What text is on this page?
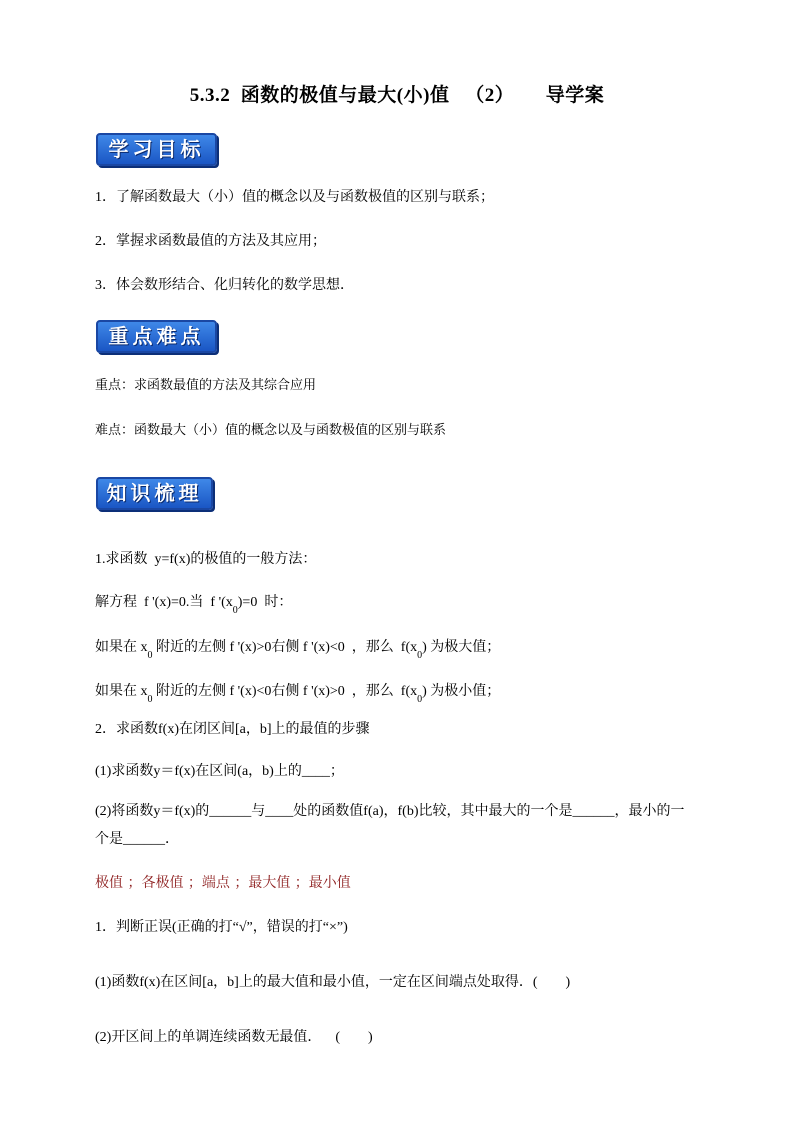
5.3.2  函数的极值与最大(小)值   （2）      导学案
学习目标
1．了解函数最大（小）值的概念以及与函数极值的区别与联系；
2．掌握求函数最值的方法及其应用；
3．体会数形结合、化归转化的数学思想．
重点难点
重点：求函数最值的方法及其综合应用
难点：函数最大（小）值的概念以及与函数极值的区别与联系
知识梳理
1.求函数  y=f(x)的极值的一般方法：
解方程  f '(x)=0.当  f '$(x_0)=0$  时：
如果在 $x_0$ 附近的左侧 f '(x)>0右侧 f '(x)<0  ，那么  $f(x_0)$ 为极大值；
如果在 $x_0$ 附近的左侧 f '(x)<0右侧 f '(x)>0  ，那么  $f(x_0)$ 为极小值；
2．求函数f(x)在闭区间[a，b]上的最值的步骤
(1)求函数y＝f(x)在区间(a，b)上的____；
(2)将函数y＝f(x)的______与____处的函数值f(a)，f(b)比较，其中最大的一个是______，最小的一
个是______．
极值 ；各极值 ；端点 ；最大值 ；最小值
1．判断正误(正确的打“√”，错误的打“×”)
(1)函数f(x)在区间[a，b]上的最大值和最小值，一定在区间端点处取得．(        )
(2)开区间上的单调连续函数无最值．    (        )
